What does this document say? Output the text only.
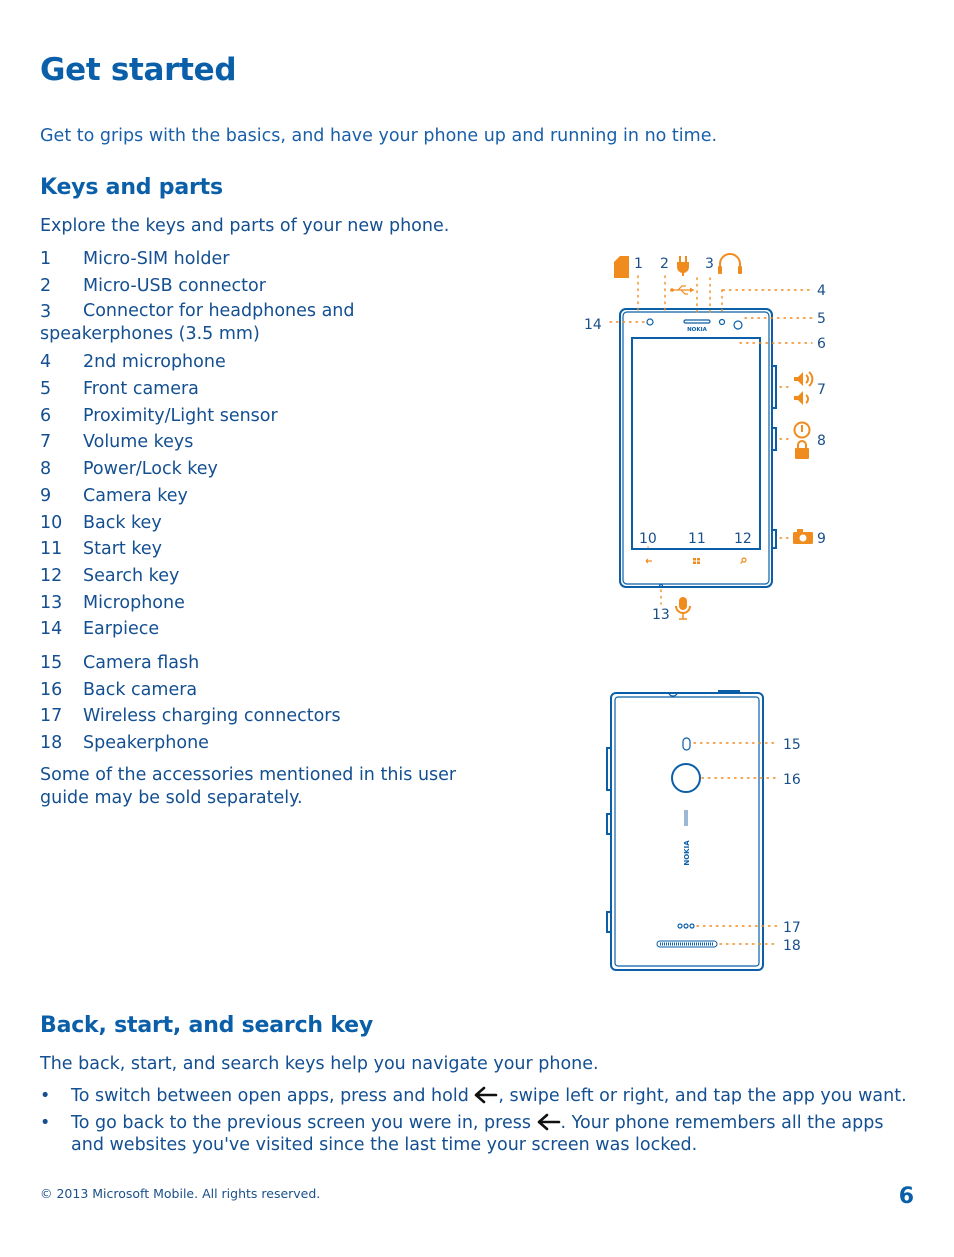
Get started

Get to grips with the basics, and have your phone up and running in no time.

Keys and parts

Explore the keys and parts of your new phone.

1 Micro-SIM holder
2 Micro-USB connector
3	Connector for headphones and speakerphones (3.5 mm)
4 2nd microphone
5 Front camera
6 Proximity/Light sensor
7 Volume keys
8 Power/Lock key
9 Camera key
10 Back key
11 Start key
12 Search key
13 Microphone
14 Earpiece
15 Camera flash
16 Back camera
17 Wireless charging connectors
18 Speakerphone

Some of the accessories mentioned in this user guide may be sold separately.

NOKIA
1 2	3
4
5
6
7
8
9
10 11 12
13
14
NOKIA
15
16
17
18
Back, start, and search key

The back, start, and search keys help you navigate your phone.

• To switch between open apps, press and hold , swipe left or right, and tap the app you want.
• To go back to the previous screen you were in, press . Your phone remembers all the apps and websites you've visited since the last time your screen was locked.
© 2013 Microsoft Mobile. All rights reserved.	6
